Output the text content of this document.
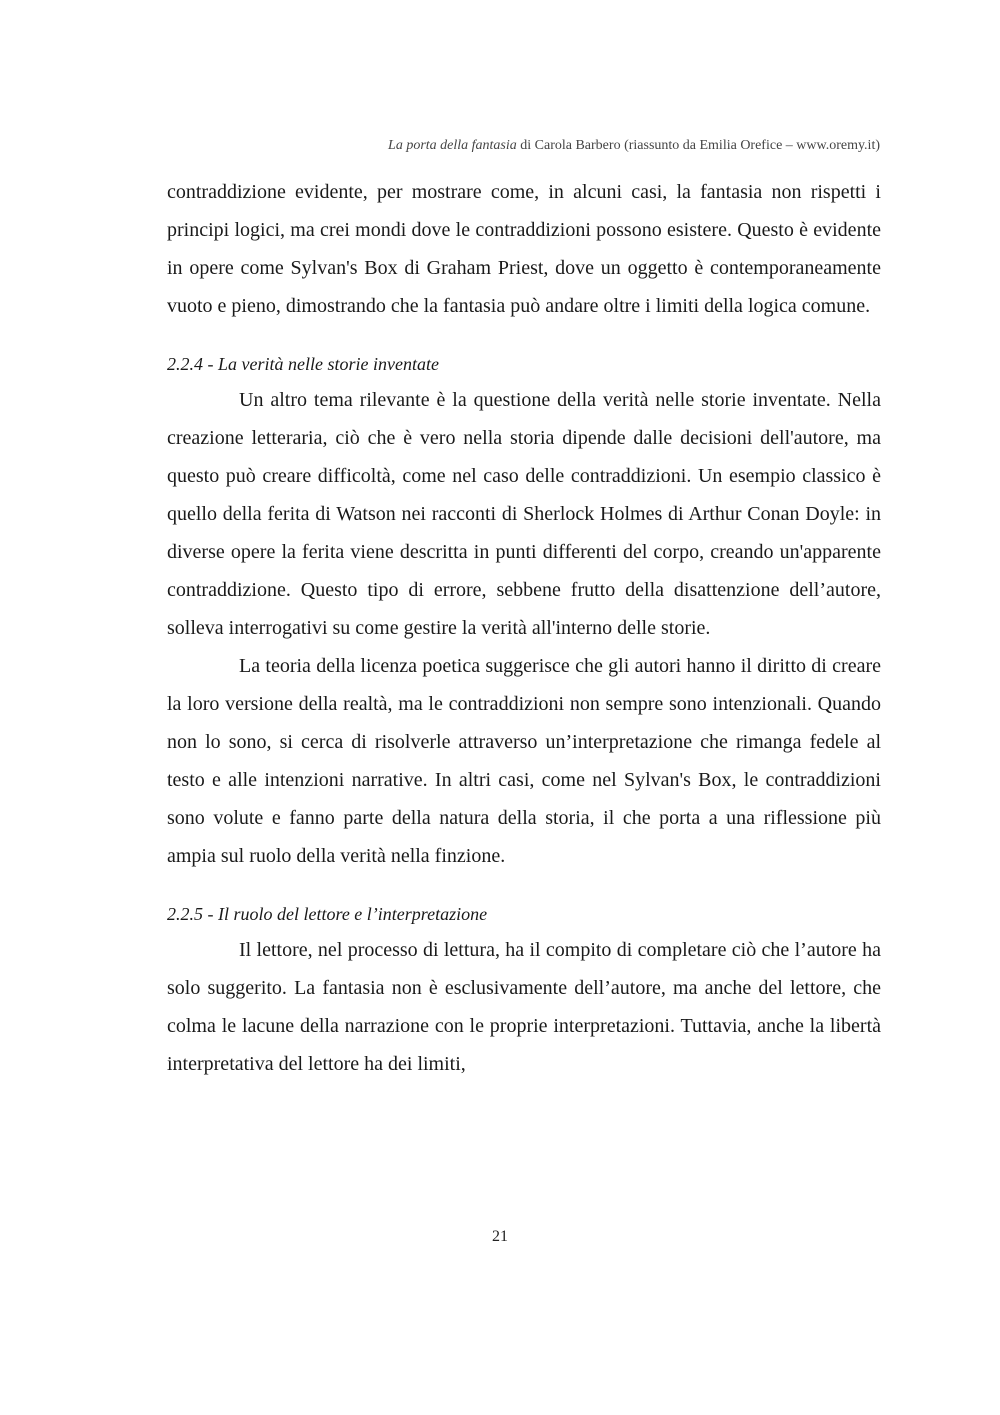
La porta della fantasia di Carola Barbero (riassunto da Emilia Orefice – www.oremy.it)

contraddizione evidente, per mostrare come, in alcuni casi, la fantasia non rispetti i principi logici, ma crei mondi dove le contraddizioni possono esistere. Questo è evidente in opere come Sylvan's Box di Graham Priest, dove un oggetto è contemporaneamente vuoto e pieno, dimostrando che la fantasia può andare oltre i limiti della logica comune.

2.2.4 - La verità nelle storie inventate

Un altro tema rilevante è la questione della verità nelle storie inventate. Nella creazione letteraria, ciò che è vero nella storia dipende dalle decisioni dell'autore, ma questo può creare difficoltà, come nel caso delle contraddizioni. Un esempio classico è quello della ferita di Watson nei racconti di Sherlock Holmes di Arthur Conan Doyle: in diverse opere la ferita viene descritta in punti differenti del corpo, creando un'apparente contraddizione. Questo tipo di errore, sebbene frutto della disattenzione dell’autore, solleva interrogativi su come gestire la verità all'interno delle storie.

La teoria della licenza poetica suggerisce che gli autori hanno il diritto di creare la loro versione della realtà, ma le contraddizioni non sempre sono intenzionali. Quando non lo sono, si cerca di risolverle attraverso un’interpretazione che rimanga fedele al testo e alle intenzioni narrative. In altri casi, come nel Sylvan's Box, le contraddizioni sono volute e fanno parte della natura della storia, il che porta a una riflessione più ampia sul ruolo della verità nella finzione.

2.2.5 - Il ruolo del lettore e l’interpretazione

Il lettore, nel processo di lettura, ha il compito di completare ciò che l’autore ha solo suggerito. La fantasia non è esclusivamente dell’autore, ma anche del lettore, che colma le lacune della narrazione con le proprie interpretazioni. Tuttavia, anche la libertà interpretativa del lettore ha dei limiti,

21
